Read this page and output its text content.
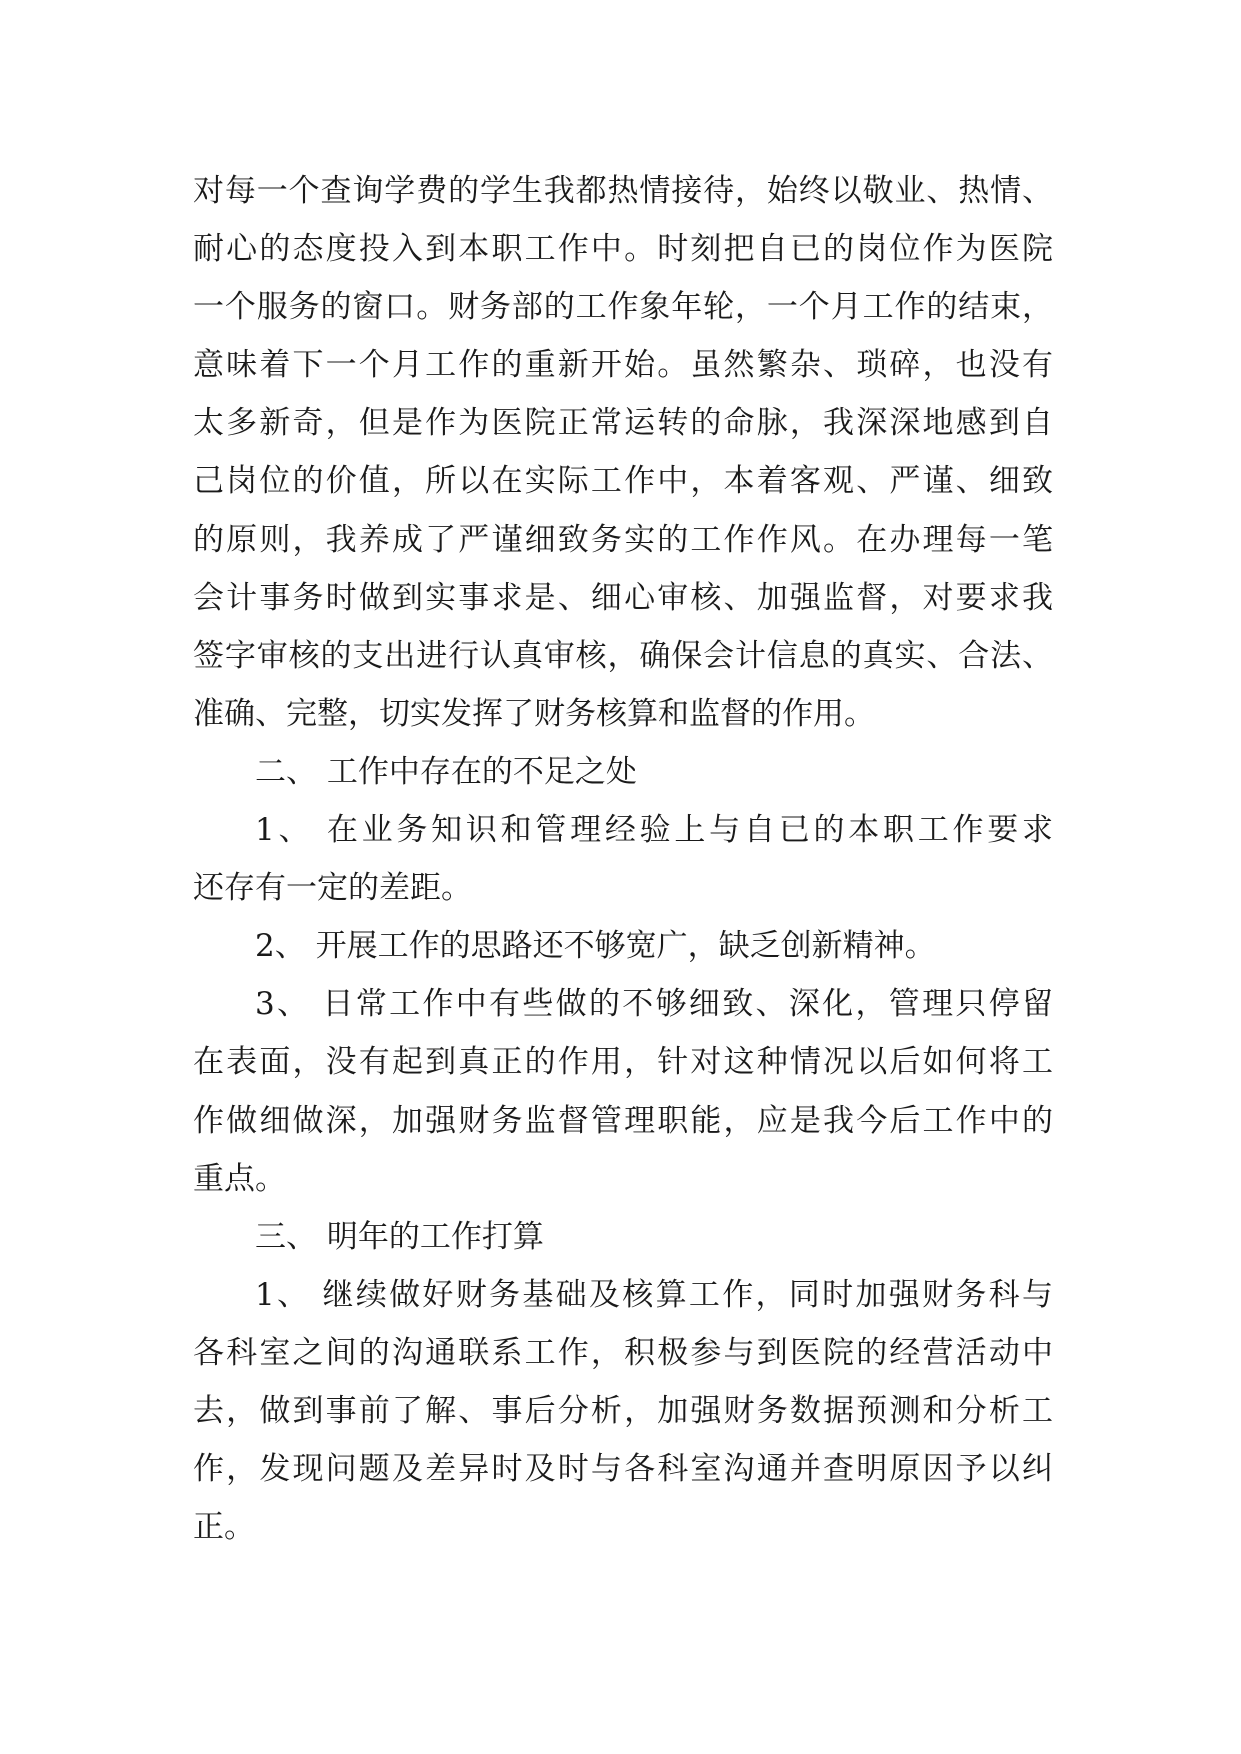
对每一个查询学费的学生我都热情接待，始终以敬业、热情、
耐心的态度投入到本职工作中。时刻把自已的岗位作为医院
一个服务的窗口。财务部的工作象年轮，一个月工作的结束，
意味着下一个月工作的重新开始。虽然繁杂、琐碎，也没有
太多新奇，但是作为医院正常运转的命脉，我深深地感到自
己岗位的价值，所以在实际工作中，本着客观、严谨、细致
的原则，我养成了严谨细致务实的工作作风。在办理每一笔
会计事务时做到实事求是、细心审核、加强监督，对要求我
签字审核的支出进行认真审核，确保会计信息的真实、合法、
准确、完整，切实发挥了财务核算和监督的作用。
二、 工作中存在的不足之处
1、 在业务知识和管理经验上与自已的本职工作要求
还存有一定的差距。
2、 开展工作的思路还不够宽广，缺乏创新精神。
3、 日常工作中有些做的不够细致、深化，管理只停留
在表面，没有起到真正的作用，针对这种情况以后如何将工
作做细做深，加强财务监督管理职能，应是我今后工作中的
重点。
三、 明年的工作打算
1、 继续做好财务基础及核算工作，同时加强财务科与
各科室之间的沟通联系工作，积极参与到医院的经营活动中
去，做到事前了解、事后分析，加强财务数据预测和分析工
作，发现问题及差异时及时与各科室沟通并查明原因予以纠
正。
